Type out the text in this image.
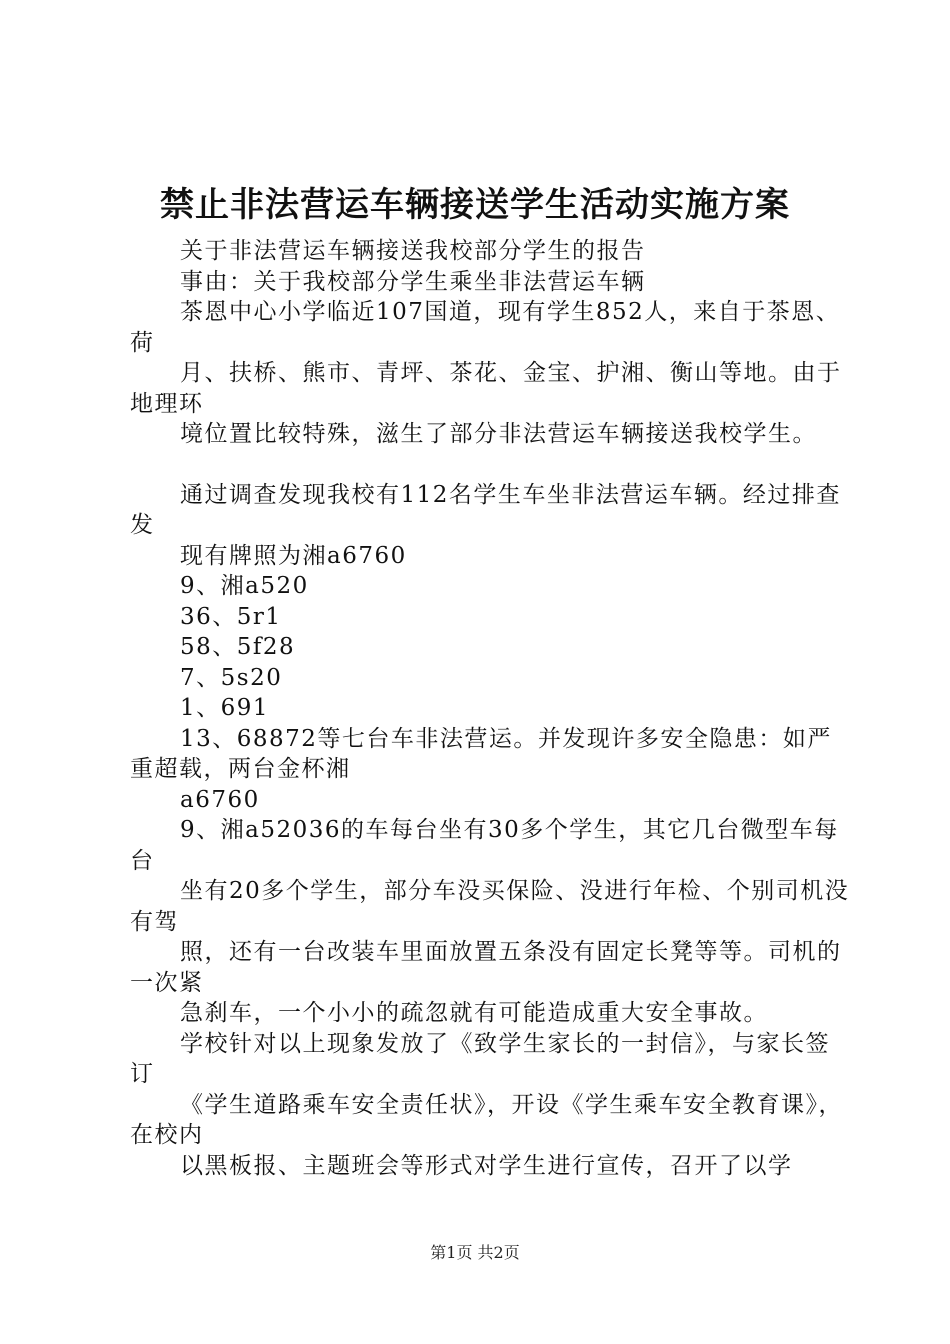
禁止非法营运车辆接送学生活动实施方案

关于非法营运车辆接送我校部分学生的报告

事由：关于我校部分学生乘坐非法营运车辆

茶恩中心小学临近107国道，现有学生852人，来自于茶恩、荷

月、扶桥、熊市、青坪、茶花、金宝、护湘、衡山等地。由于地理环

境位置比较特殊，滋生了部分非法营运车辆接送我校学生。

通过调查发现我校有112名学生车坐非法营运车辆。经过排查发

现有牌照为湘a6760

9、湘a520

36、5r1

58、5f28

7、5s20

1、691

13、68872等七台车非法营运。并发现许多安全隐患：如严重超载，两台金杯湘

a6760

9、湘a52036的车每台坐有30多个学生，其它几台微型车每台

坐有20多个学生，部分车没买保险、没进行年检、个别司机没有驾

照，还有一台改装车里面放置五条没有固定长凳等等。司机的一次紧

急刹车，一个小小的疏忽就有可能造成重大安全事故。

学校针对以上现象发放了《致学生家长的一封信》，与家长签订

《学生道路乘车安全责任状》，开设《学生乘车安全教育课》，在校内

以黑板报、主题班会等形式对学生进行宣传，召开了以学

第1页 共2页
